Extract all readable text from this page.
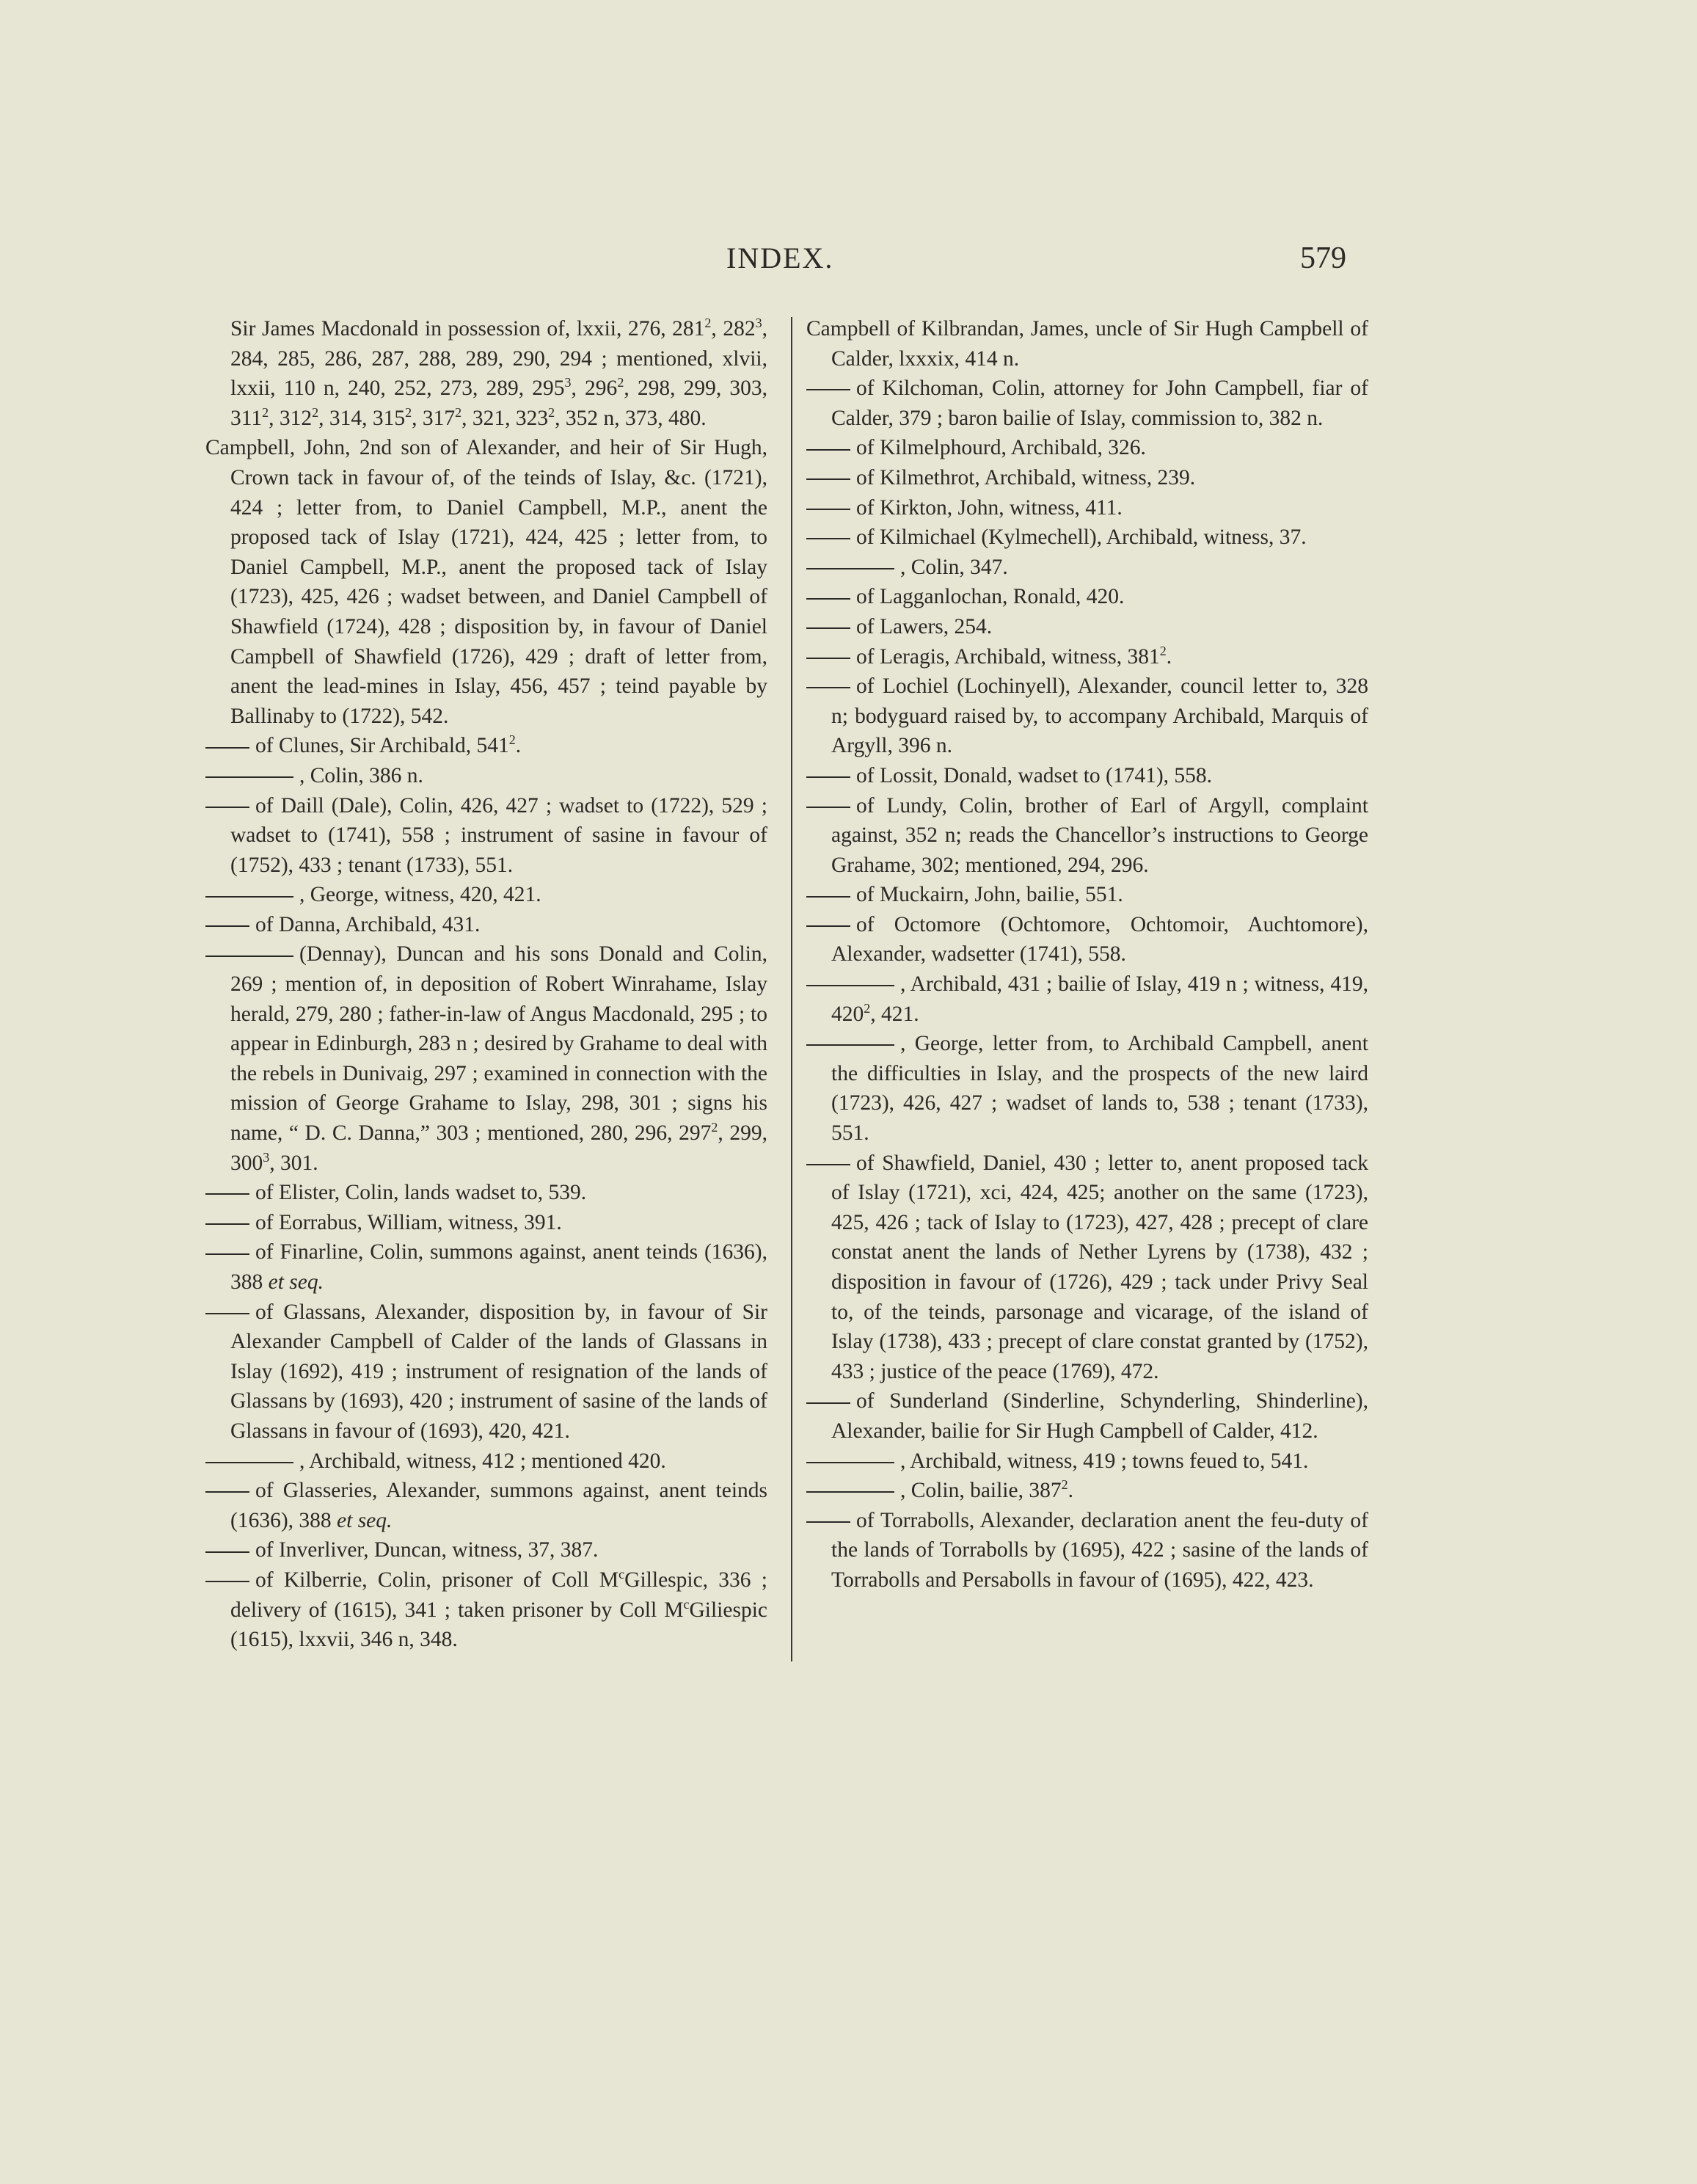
INDEX.	579

Sir James Macdonald in possession of, lxxii, 276, $281^2$, $282^3$, 284, 285, 286, 287, 288, 289, 290, 294 ; mentioned, xlvii, lxxii, 110 n, 240, 252, 273, 289, $295^3$, $296^2$, 298, 299, 303, $311^2$, $312^2$, 314, $315^2$, $317^2$, 321, $323^2$, 352 n, 373, 480.

Campbell, John, 2nd son of Alexander, and heir of Sir Hugh, Crown tack in favour of, of the teinds of Islay, &c. (1721), 424 ; letter from, to Daniel Campbell, M.P., anent the proposed tack of Islay (1721), 424, 425 ; letter from, to Daniel Campbell, M.P., anent the proposed tack of Islay (1723), 425, 426 ; wadset between, and Daniel Campbell of Shawfield (1724), 428 ; disposition by, in favour of Daniel Campbell of Shawfield (1726), 429 ; draft of letter from, anent the lead-mines in Islay, 456, 457 ; teind payable by Ballinaby to (1722), 542.

of Clunes, Sir Archibald, $541^2$.

, Colin, 386 n.

of Daill (Dale), Colin, 426, 427 ; wadset to (1722), 529 ; wadset to (1741), 558 ; instrument of sasine in favour of (1752), 433 ; tenant (1733), 551.

, George, witness, 420, 421.

of Danna, Archibald, 431.

(Dennay), Duncan and his sons Donald and Colin, 269 ; mention of, in deposition of Robert Winrahame, Islay herald, 279, 280 ; father-in-law of Angus Macdonald, 295 ; to appear in Edinburgh, 283 n ; desired by Grahame to deal with the rebels in Dunivaig, 297 ; examined in connection with the mission of George Grahame to Islay, 298, 301 ; signs his name, “ D. C. Danna,” 303 ; mentioned, 280, 296, $297^2$, 299, $300^3$, 301.

of Elister, Colin, lands wadset to, 539.

of Eorrabus, William, witness, 391.

of Finarline, Colin, summons against, anent teinds (1636), 388 et seq.

of Glassans, Alexander, disposition by, in favour of Sir Alexander Campbell of Calder of the lands of Glassans in Islay (1692), 419 ; instrument of resignation of the lands of Glassans by (1693), 420 ; instrument of sasine of the lands of Glassans in favour of (1693), 420, 421.

, Archibald, witness, 412 ; mentioned 420.

of Glasseries, Alexander, summons against, anent teinds (1636), 388 et seq.

of Inverliver, Duncan, witness, 37, 387.

of Kilberrie, Colin, prisoner of Coll $M^cGillespic$, 336 ; delivery of (1615), 341 ; taken prisoner by Coll $M^cGiliespic$ (1615), lxxvii, 346 n, 348.

Campbell of Kilbrandan, James, uncle of Sir Hugh Campbell of Calder, lxxxix, 414 n.

of Kilchoman, Colin, attorney for John Campbell, fiar of Calder, 379 ; baron bailie of Islay, commission to, 382 n.

of Kilmelphourd, Archibald, 326.

of Kilmethrot, Archibald, witness, 239.

of Kirkton, John, witness, 411.

of Kilmichael (Kylmechell), Archibald, witness, 37.

, Colin, 347.

of Lagganlochan, Ronald, 420.

of Lawers, 254.

of Leragis, Archibald, witness, $381^2$.

of Lochiel (Lochinyell), Alexander, council letter to, 328 n; bodyguard raised by, to accompany Archibald, Marquis of Argyll, 396 n.

of Lossit, Donald, wadset to (1741), 558.

of Lundy, Colin, brother of Earl of Argyll, complaint against, 352 n; reads the Chancellor’s instructions to George Grahame, 302; mentioned, 294, 296.

of Muckairn, John, bailie, 551.

of Octomore (Ochtomore, Ochtomoir, Auchtomore), Alexander, wadsetter (1741), 558.

, Archibald, 431 ; bailie of Islay, 419 n ; witness, 419, $420^2$, 421.

, George, letter from, to Archibald Campbell, anent the difficulties in Islay, and the prospects of the new laird (1723), 426, 427 ; wadset of lands to, 538 ; tenant (1733), 551.

of Shawfield, Daniel, 430 ; letter to, anent proposed tack of Islay (1721), xci, 424, 425; another on the same (1723), 425, 426 ; tack of Islay to (1723), 427, 428 ; precept of clare constat anent the lands of Nether Lyrens by (1738), 432 ; disposition in favour of (1726), 429 ; tack under Privy Seal to, of the teinds, parsonage and vicarage, of the island of Islay (1738), 433 ; precept of clare constat granted by (1752), 433 ; justice of the peace (1769), 472.

of Sunderland (Sinderline, Schynderling, Shinderline), Alexander, bailie for Sir Hugh Campbell of Calder, 412.

, Archibald, witness, 419 ; towns feued to, 541.

, Colin, bailie, $387^2$.

of Torrabolls, Alexander, declaration anent the feu-duty of the lands of Torrabolls by (1695), 422 ; sasine of the lands of Torrabolls and Persabolls in favour of (1695), 422, 423.
